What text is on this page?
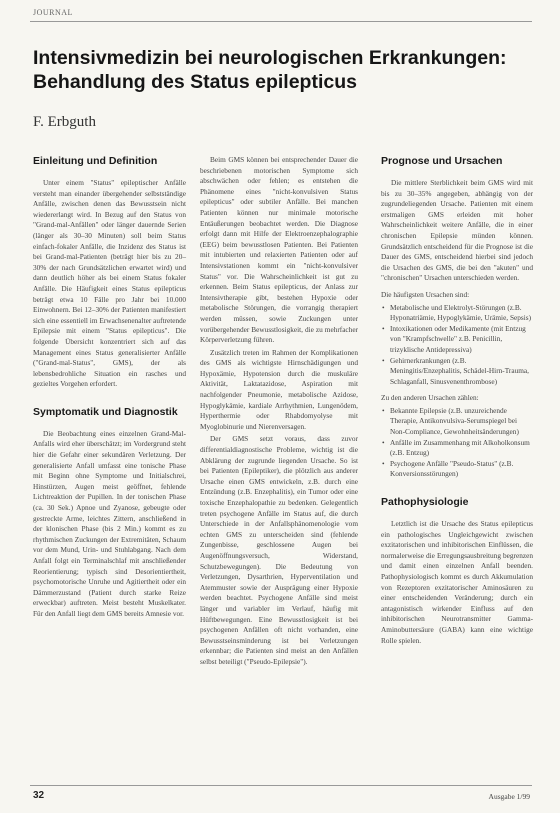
JOURNAL
Intensivmedizin bei neurologischen Erkrankungen: Behandlung des Status epilepticus

F. Erbguth

Einleitung und Definition

Unter einem "Status" epileptischer Anfälle versteht man einander übergehender selbstständige Anfälle, zwischen denen das Bewusstsein nicht wiedererlangt wird. In Bezug auf den Status von "Grand-mal-Anfällen" oder länger dauernde Serien (länger als 30–30 Minuten) soll beim Status einfach-fokaler Anfälle, die Inzidenz des Status ist bei Grand-mal-Patienten (beträgt hier bis zu 20–30% der nach Grundsätzlichen erwartet wird) und dann deutlich höher als bei einem Status fokaler Anfälle. Die Häufigkeit eines Status epilepticus beträgt etwa 10 Fälle pro Jahr bei 10.000 Einwohnern. Bei 12–30% der Patienten manifestiert sich eine essentiell im Erwachsenenalter auftretende Epilepsie mit einem "Status epilepticus". Die folgende Übersicht konzentriert sich auf das Management eines Status generalisierter Anfälle ("Grand-mal-Status", GMS), der als lebensbedrohliche Situation ein rasches und gezieltes Vorgehen erfordert.

Symptomatik und Diagnostik

Die Beobachtung eines einzelnen Grand-Mal-Anfalls wird eher überschätzt; im Vordergrund steht hier die Gefahr einer sekundären Verletzung. Der generalisierte Anfall umfasst eine tonische Phase mit Beginn ohne Symptome und Initialschrei, Hinstürzen, Augen meist geöffnet, fehlende Lichtreaktion der Pupillen. In der tonischen Phase (ca. 30 Sek.) Apnoe und Zyanose, gebeugte oder gestreckte Arme, leichtes Zittern, anschließend in der klonischen Phase (bis 2 Min.) kommt es zu rhythmischen Zuckungen der Extremitäten, Schaum vor dem Mund, Urin- und Stuhlabgang. Nach dem Anfall folgt ein Terminalschlaf mit anschließender Reorientierung; typisch sind Desorientiertheit, psychomotorische Unruhe und Agitiertheit oder ein Dämmerzustand (Patient durch starke Reize erweckbar) auftreten. Meist besteht Muskelkater. Für den Anfall liegt dem GMS bereits Amnesie vor.

Beim GMS können bei entsprechender Dauer die beschriebenen motorischen Symptome sich abschwächen oder fehlen; es entstehen die Phänomene eines "nicht-konvulsiven Status epilepticus" oder subtiler Anfälle. Bei manchen Patienten können nur minimale motorische Entäußerungen beobachtet werden. Die Diagnose erfolgt dann mit Hilfe der Elektroenzephalographie (EEG) beim bewusstlosen Patienten. Bei Patienten mit intubierten und relaxierten Patienten oder auf Intensivstationen kommt ein "nicht-konvulsiver Status" vor. Die Wahrscheinlichkeit ist gut zu erkennen. Beim Status epilepticus, der Anlass zur Intensivtherapie gibt, bestehen Hypoxie oder metabolische Störungen, die vorrangig therapiert werden müssen, sowie Zuckungen unter vorübergehender Bewusstlosigkeit, die zu mehrfacher Körperverletzung führen.

Zusätzlich treten im Rahmen der Komplikationen des GMS als wichtigste Hirnschädigungen und Hypoxämie, Hypotension durch die muskuläre Aktivität, Laktatazidose, Aspiration mit nachfolgender Pneumonie, metabolische Azidose, Hypoglykämie, kardiale Arrhythmien, Lungenödem, Hyperthermie oder Rhabdomyolyse mit Myoglobinurie und Nierenversagen.

Der GMS setzt voraus, dass zuvor differentialdiagnostische Probleme, wichtig ist die Abklärung der zugrunde liegenden Ursache. So ist bei Patienten (Epileptiker), die plötzlich aus anderer Ursache einen GMS entwickeln, z.B. durch eine Entzündung (z.B. Enzephalitis), ein Tumor oder eine toxische Enzephalopathie zu bedenken. Gelegentlich treten psychogene Anfälle im Status auf, die durch Unterschiede in der Anfallsphänomenologie vom echten GMS zu unterscheiden sind (fehlende Zungenbisse, geschlossene Augen bei Augenöffnungsversuch, Widerstand, Schutzbewegungen). Die Bedeutung von Verletzungen, Dysarthrien, Hyperventilation und Atemmuster sowie der Ausprägung einer Hypoxie werden beachtet. Psychogene Anfälle sind meist länger und variabler im Verlauf, häufig mit Hüftbewegungen. Eine Bewusstlosigkeit ist bei psychogenen Anfällen oft nicht vorhanden, eine Bewusstseinsminderung ist bei Verletzungen erkennbar; die Patienten sind meist an den Anfällen selbst beteiligt ("Pseudo-Epilepsie").

Prognose und Ursachen

Die mittlere Sterblichkeit beim GMS wird mit bis zu 30–35% angegeben, abhängig von der zugrundeliegenden Ursache. Patienten mit einem erstmaligen GMS erleiden mit hoher Wahrscheinlichkeit weitere Anfälle, die in einer chronischen Epilepsie münden können. Grundsätzlich entscheidend für die Prognose ist die Dauer des GMS, entscheidend hierbei sind jedoch die Ursachen des GMS, die bei den "akuten" und "chronischen" Ursachen unterschieden werden.

Die häufigsten Ursachen sind:

• Metabolische und Elektrolyt-Störungen (z.B. Hyponatriämie, Hypoglykämie, Urämie, Sepsis)
• Intoxikationen oder Medikamente (mit Entzug von "Krampfschwelle" z.B. Penicillin, trizyklische Antidepressiva)
• Gehirnerkrankungen (z.B. Meningitis/Enzephalitis, Schädel-Hirn-Trauma, Schlaganfall, Sinusvenenthrombose)

Zu den anderen Ursachen zählen:

• Bekannte Epilepsie (z.B. unzureichende Therapie, Antikonvulsiva-Serumspiegel bei Non-Compliance, Gewohnheitsänderungen)
• Anfälle im Zusammenhang mit Alkoholkonsum (z.B. Entzug)
• Psychogene Anfälle "Pseudo-Status" (z.B. Konversionsstörungen)
Pathophysiologie

Letztlich ist die Ursache des Status epilepticus ein pathologisches Ungleichgewicht zwischen exzitatorischen und inhibitorischen Einflüssen, die normalerweise die Erregungsausbreitung begrenzen und damit einen einzelnen Anfall beenden. Pathophysiologisch kommt es durch Akkumulation von Rezeptoren exzitatorischer Aminosäuren zu einer entscheidenden Veränderung; durch ein antagonistisch wirkender Einfluss auf den inhibitorischen Neurotransmitter Gamma-Aminobuttersäure (GABA) kann eine wichtige Rolle spielen.

32	Ausgabe 1/99
